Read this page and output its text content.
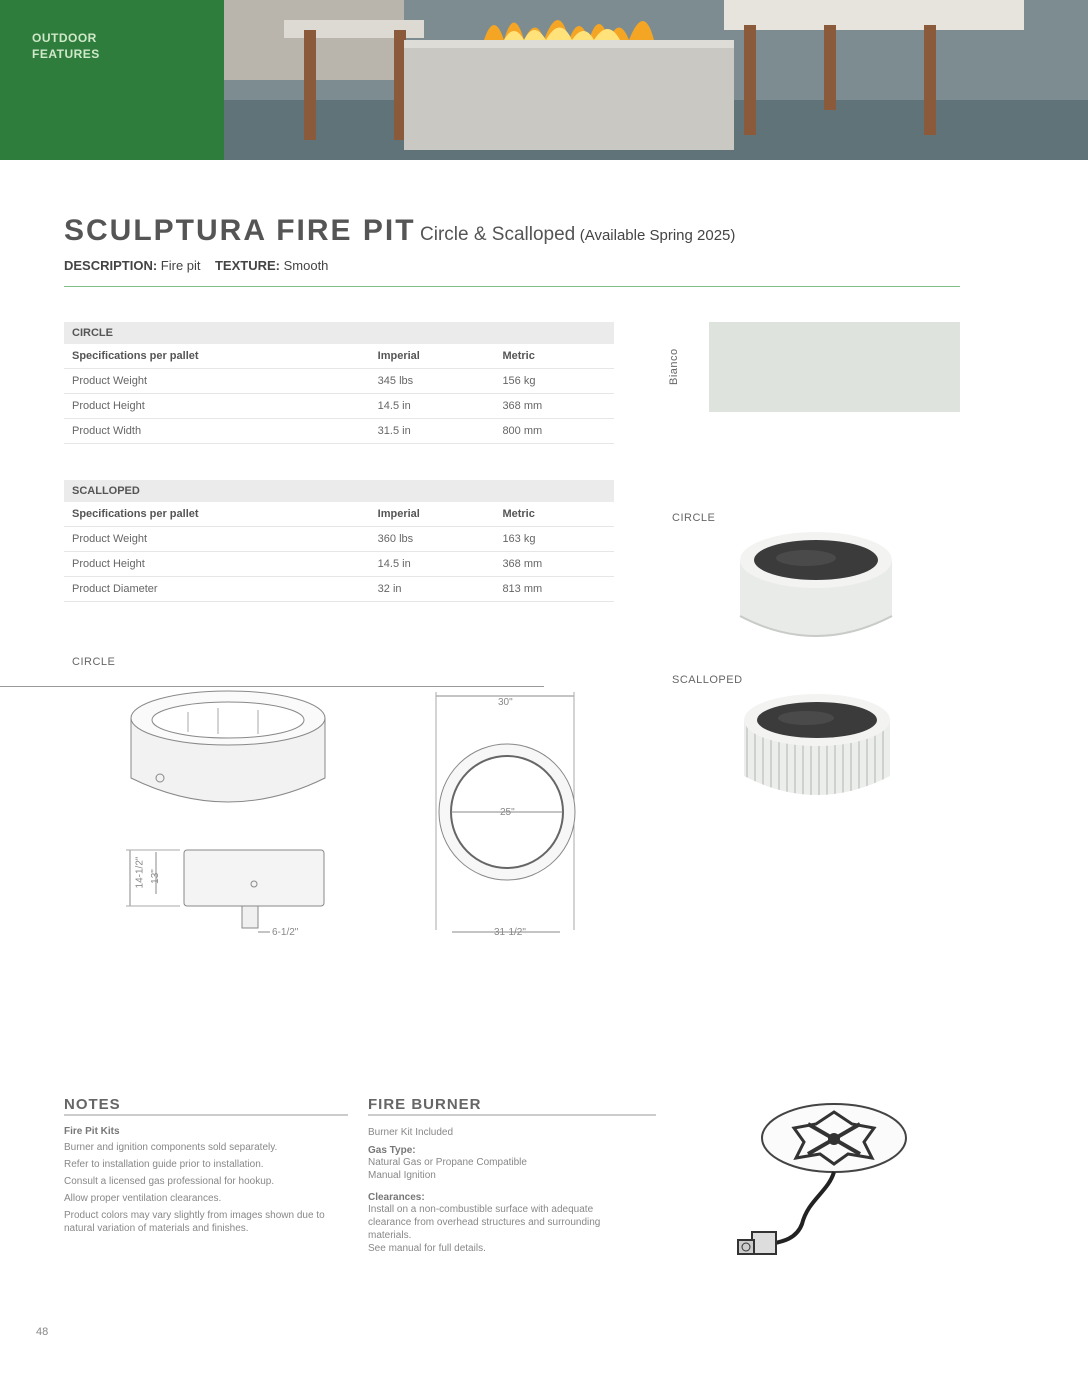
OUTDOOR
FEATURES
SCULPTURA FIRE PIT Circle & Scalloped (Available Spring 2025)
DESCRIPTION: Fire pit TEXTURE: Smooth
CIRCLE		
Specifications per pallet	Imperial	Metric
Product Weight	345 lbs	156 kg
Product Height	14.5 in	368 mm
Product Width	31.5 in	800 mm
SCALLOPED		
Specifications per pallet	Imperial	Metric
Product Weight	360 lbs	163 kg
Product Height	14.5 in	368 mm
Product Diameter	32 in	813 mm
Bianco
CIRCLE
SCALLOPED
CIRCLE
14-1/2" 13"
6-1/2"
30"
25"
31-1/2"
NOTES
Fire Pit Kits
Burner and ignition components sold separately.
Refer to installation guide prior to installation.
Consult a licensed gas professional for hookup.
Allow proper ventilation clearances.
Product colors may vary slightly from images shown due to natural variation of materials and finishes.
FIRE BURNER
Burner Kit Included
Gas Type:
Natural Gas or Propane Compatible
Manual Ignition
Clearances:
Install on a non-combustible surface with adequate clearance from overhead structures and surrounding materials.
See manual for full details.
48
